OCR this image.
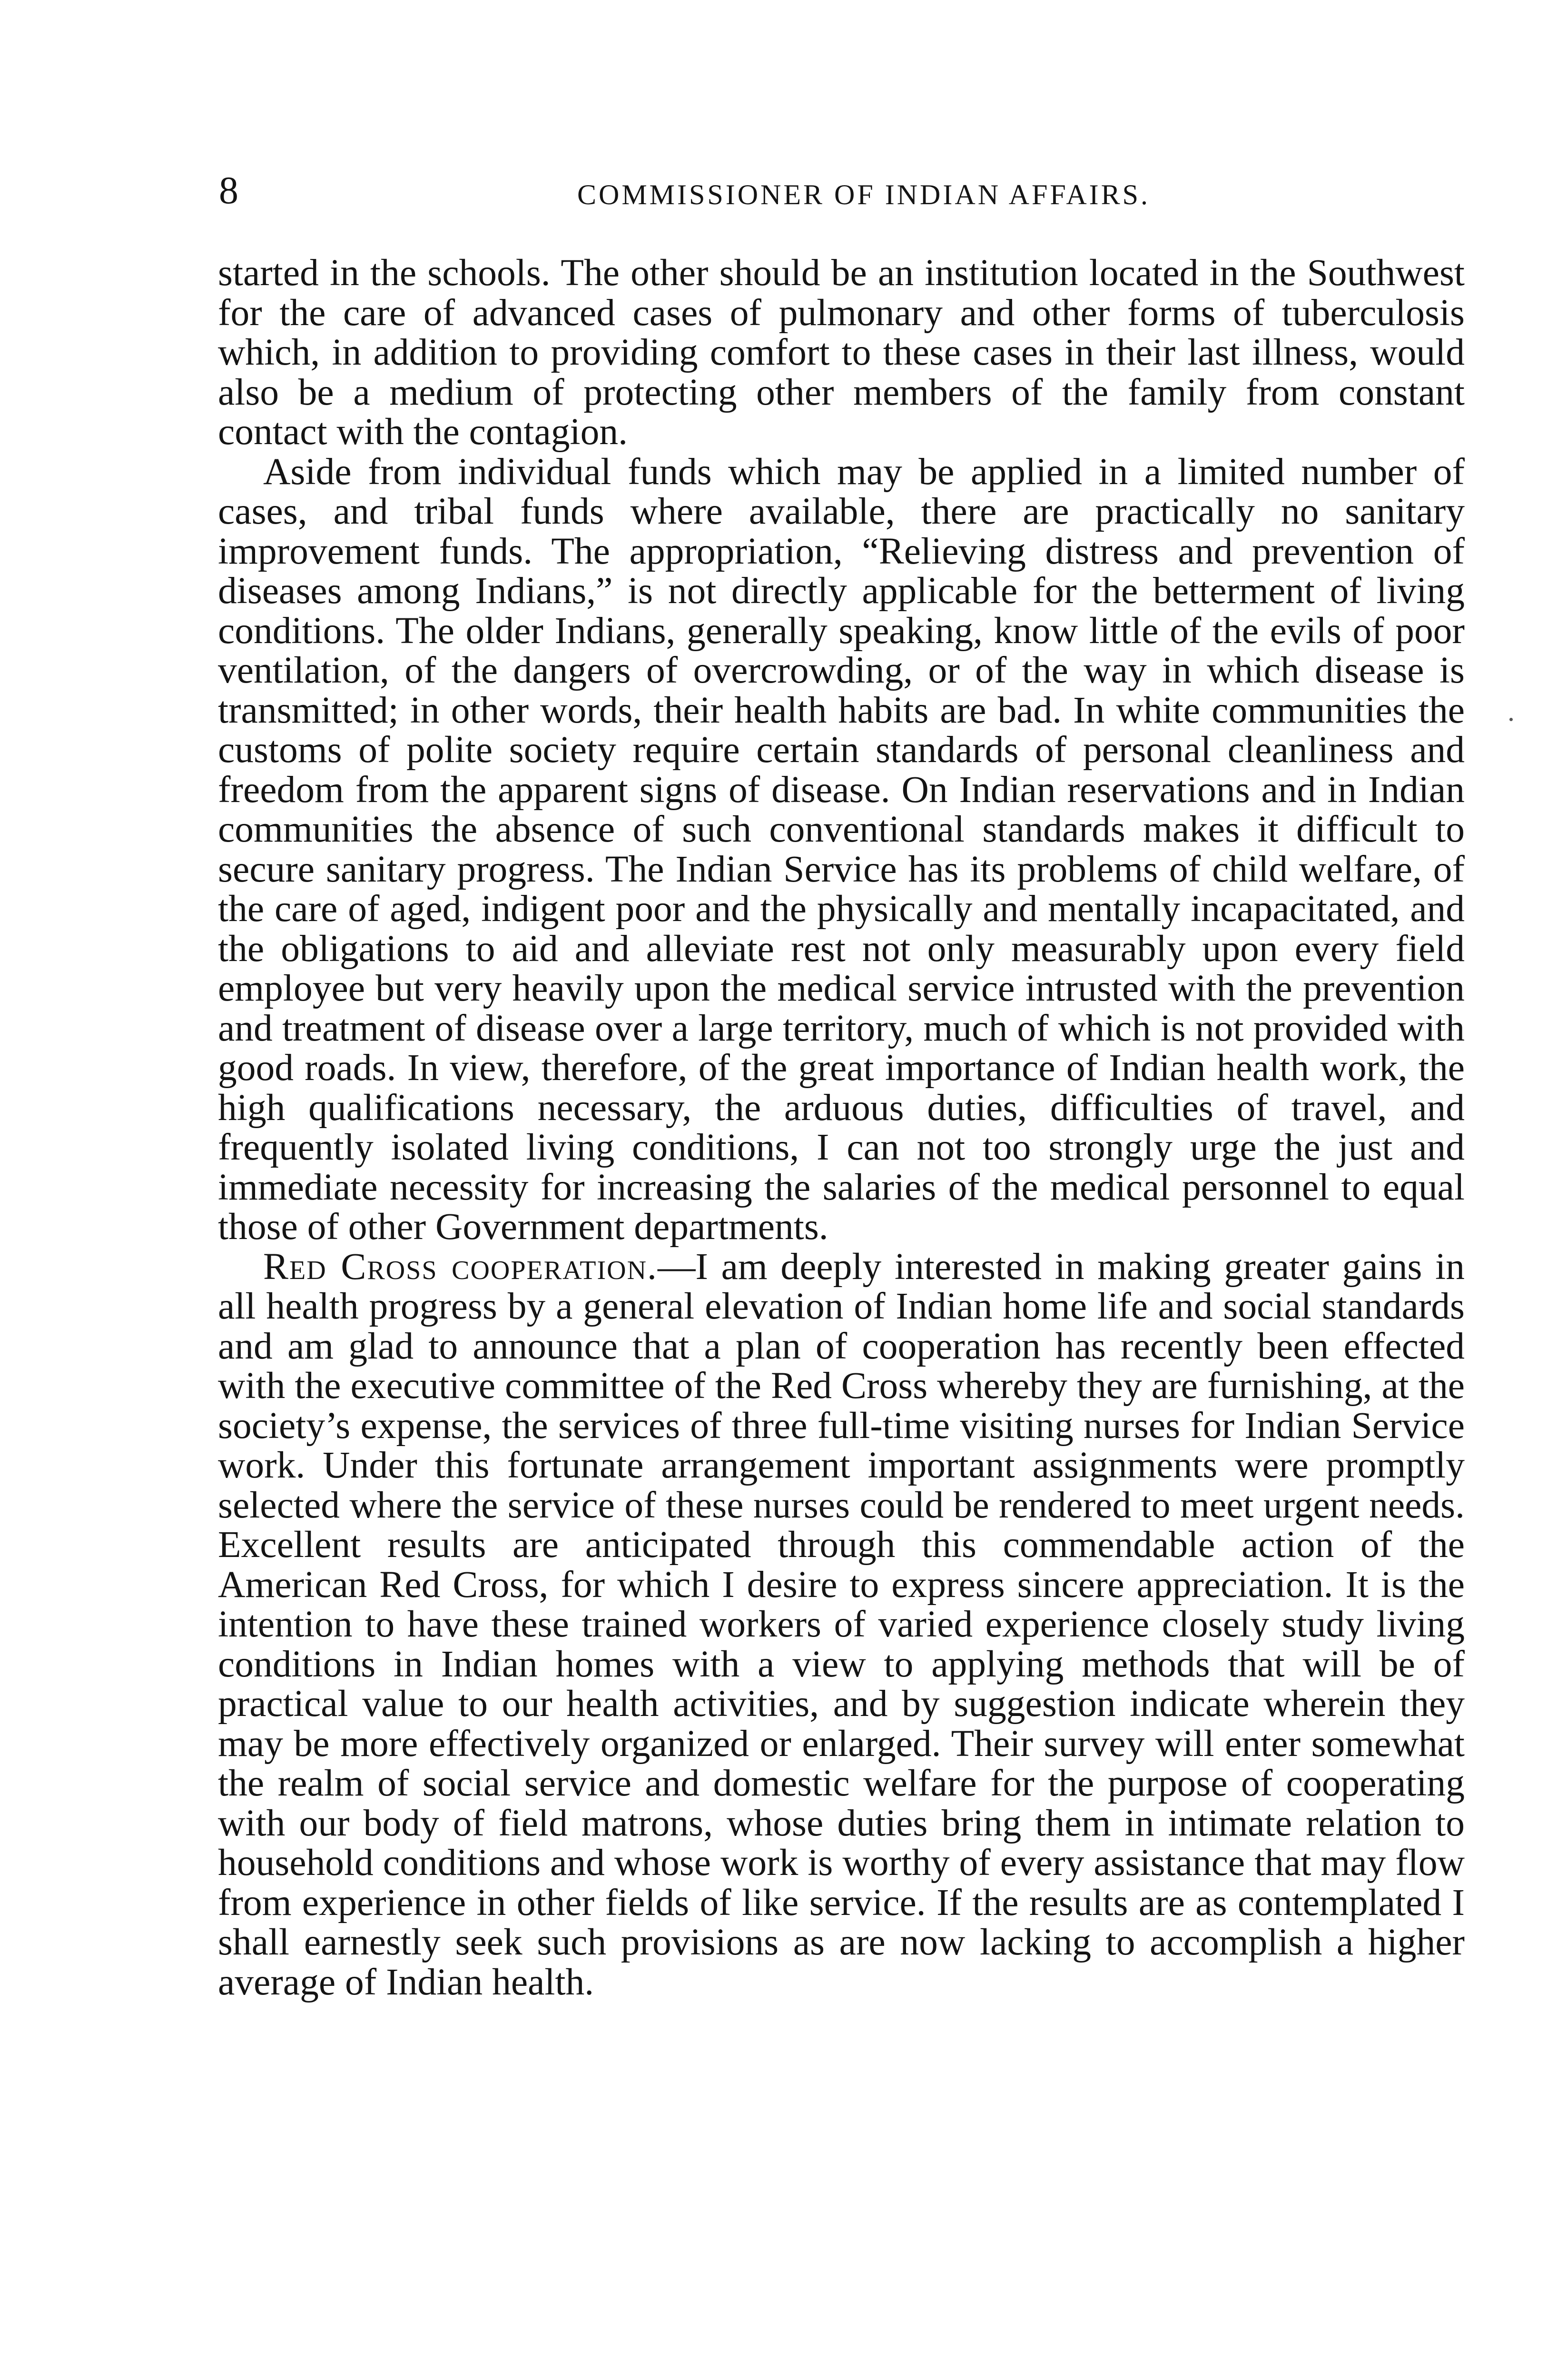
8	COMMISSIONER OF INDIAN AFFAIRS.

started in the schools. The other should be an institution located in the Southwest for the care of advanced cases of pulmonary and other forms of tuberculosis which, in addition to providing comfort to these cases in their last illness, would also be a medium of protecting other members of the family from constant contact with the contagion.

Aside from individual funds which may be applied in a limited number of cases, and tribal funds where available, there are practically no sanitary improvement funds. The appropriation, “Relieving distress and prevention of diseases among Indians,” is not directly applicable for the betterment of living conditions. The older Indians, generally speaking, know little of the evils of poor ventilation, of the dangers of overcrowding, or of the way in which disease is transmitted; in other words, their health habits are bad. In white communities the customs of polite society require certain standards of personal cleanliness and freedom from the apparent signs of disease. On Indian reservations and in Indian communities the absence of such conventional standards makes it difficult to secure sanitary progress. The Indian Service has its problems of child welfare, of the care of aged, indigent poor and the physically and mentally incapacitated, and the obligations to aid and alleviate rest not only measurably upon every field employee but very heavily upon the medical service intrusted with the prevention and treatment of disease over a large territory, much of which is not provided with good roads. In view, therefore, of the great importance of Indian health work, the high qualifications necessary, the arduous duties, difficulties of travel, and frequently isolated living conditions, I can not too strongly urge the just and immediate necessity for increasing the salaries of the medical personnel to equal those of other Government departments.

Red Cross cooperation.—I am deeply interested in making greater gains in all health progress by a general elevation of Indian home life and social standards and am glad to announce that a plan of cooperation has recently been effected with the executive committee of the Red Cross whereby they are furnishing, at the society’s expense, the services of three full-time visiting nurses for Indian Service work. Under this fortunate arrangement important assignments were promptly selected where the service of these nurses could be rendered to meet urgent needs. Excellent results are anticipated through this commendable action of the American Red Cross, for which I desire to express sincere appreciation. It is the intention to have these trained workers of varied experience closely study living conditions in Indian homes with a view to applying methods that will be of practical value to our health activities, and by suggestion indicate wherein they may be more effectively organized or enlarged. Their survey will enter somewhat the realm of social service and domestic welfare for the purpose of cooperating with our body of field matrons, whose duties bring them in intimate relation to household conditions and whose work is worthy of every assistance that may flow from experience in other fields of like service. If the results are as contemplated I shall earnestly seek such provisions as are now lacking to accomplish a higher average of Indian health.
